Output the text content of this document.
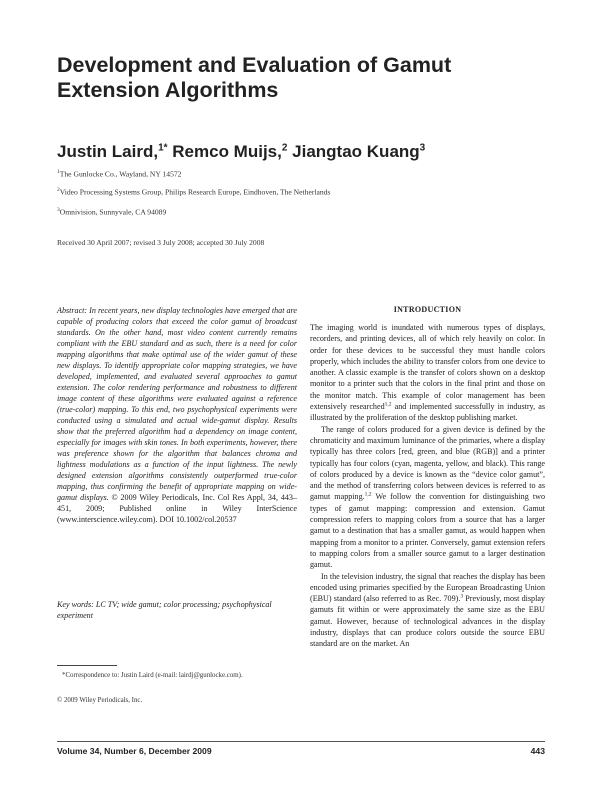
Development and Evaluation of Gamut Extension Algorithms
Justin Laird,$^{1*}$ Remco Muijs,$^2$ Jiangtao Kuang$^3$
$^1$The Gunlocke Co., Wayland, NY 14572
$^2$Video Processing Systems Group, Philips Research Europe, Eindhoven, The Netherlands
$^3$Omnivision, Sunnyvale, CA 94089
Received 30 April 2007; revised 3 July 2008; accepted 30 July 2008
Abstract: In recent years, new display technologies have emerged that are capable of producing colors that exceed the color gamut of broadcast standards. On the other hand, most video content currently remains compliant with the EBU standard and as such, there is a need for color mapping algorithms that make optimal use of the wider gamut of these new displays. To identify appropriate color mapping strategies, we have developed, implemented, and evaluated several approaches to gamut extension. The color rendering performance and robustness to different image content of these algorithms were evaluated against a reference (true-color) mapping. To this end, two psychophysical experiments were conducted using a simulated and actual wide-gamut display. Results show that the preferred algorithm had a dependency on image content, especially for images with skin tones. In both experiments, however, there was preference shown for the algorithm that balances chroma and lightness modulations as a function of the input lightness. The newly designed extension algorithms consistently outperformed true-color mapping, thus confirming the benefit of appropriate mapping on wide-gamut displays. © 2009 Wiley Periodicals, Inc. Col Res Appl, 34, 443–451, 2009; Published online in Wiley InterScience (www.interscience.wiley.com). DOI 10.1002/col.20537
Key words: LC TV; wide gamut; color processing; psychophysical experiment
*Correspondence to: Justin Laird (e-mail: lairdj@gunlocke.com).
© 2009 Wiley Periodicals, Inc.
INTRODUCTION

The imaging world is inundated with numerous types of displays, recorders, and printing devices, all of which rely heavily on color. In order for these devices to be successful they must handle colors properly, which includes the ability to transfer colors from one device to another. A classic example is the transfer of colors shown on a desktop monitor to a printer such that the colors in the final print and those on the monitor match. This example of color management has been extensively researched$^{1,2}$ and implemented successfully in industry, as illustrated by the proliferation of the desktop publishing market.

The range of colors produced for a given device is defined by the chromaticity and maximum luminance of the primaries, where a display typically has three colors [red, green, and blue (RGB)] and a printer typically has four colors (cyan, magenta, yellow, and black). This range of colors produced by a device is known as the “device color gamut”, and the method of transferring colors between devices is referred to as gamut mapping.$^{1,2}$ We follow the convention for distinguishing two types of gamut mapping: compression and extension. Gamut compression refers to mapping colors from a source that has a larger gamut to a destination that has a smaller gamut, as would happen when mapping from a monitor to a printer. Conversely, gamut extension refers to mapping colors from a smaller source gamut to a larger destination gamut.

In the television industry, the signal that reaches the display has been encoded using primaries specified by the European Broadcasting Union (EBU) standard (also referred to as Rec. 709).$^3$ Previously, most display gamuts fit within or were approximately the same size as the EBU gamut. However, because of technological advances in the display industry, displays that can produce colors outside the source EBU standard are on the market. An

Volume 34, Number 6, December 2009	443
